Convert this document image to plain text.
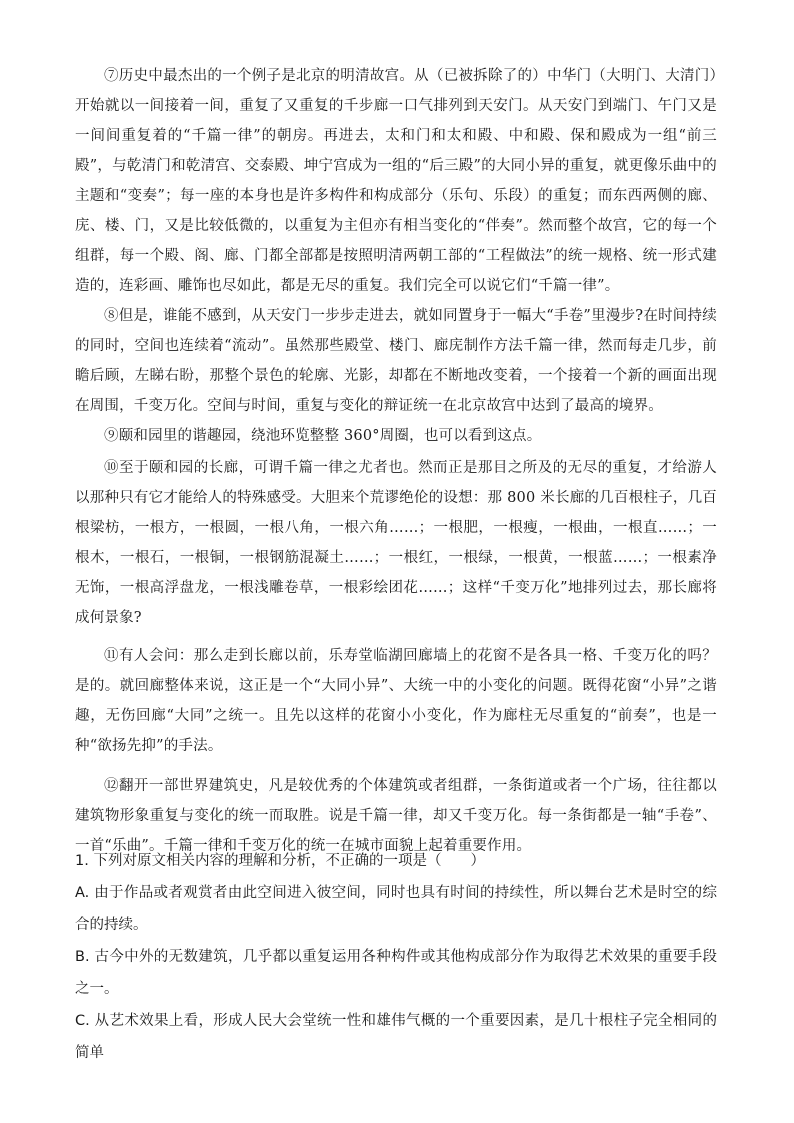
⑦历史中最杰出的一个例子是北京的明清故宫。从（已被拆除了的）中华门（大明门、大清门）开始就以一间接着一间，重复了又重复的千步廊一口气排列到天安门。从天安门到端门、午门又是一间间重复着的“千篇一律”的朝房。再进去，太和门和太和殿、中和殿、保和殿成为一组“前三殿”，与乾清门和乾清宫、交泰殿、坤宁宫成为一组的“后三殿”的大同小异的重复，就更像乐曲中的主题和“变奏”；每一座的本身也是许多构件和构成部分（乐句、乐段）的重复；而东西两侧的廊、庑、楼、门，又是比较低微的，以重复为主但亦有相当变化的“伴奏”。然而整个故宫，它的每一个组群，每一个殿、阁、廊、门都全部都是按照明清两朝工部的“工程做法”的统一规格、统一形式建造的，连彩画、雕饰也尽如此，都是无尽的重复。我们完全可以说它们“千篇一律”。

⑧但是，谁能不感到，从天安门一步步走进去，就如同置身于一幅大“手卷”里漫步?在时间持续的同时，空间也连续着“流动”。虽然那些殿堂、楼门、廊庑制作方法千篇一律，然而每走几步，前瞻后顾，左睇右盼，那整个景色的轮廓、光影，却都在不断地改变着，一个接着一个新的画面出现在周围，千变万化。空间与时间，重复与变化的辩证统一在北京故宫中达到了最高的境界。

⑨颐和园里的谐趣园，绕池环览整整 360°周圈，也可以看到这点。

⑩至于颐和园的长廊，可谓千篇一律之尤者也。然而正是那目之所及的无尽的重复，才给游人以那种只有它才能给人的特殊感受。大胆来个荒谬绝伦的设想：那 800 米长廊的几百根柱子，几百根梁枋，一根方，一根圆，一根八角，一根六角……；一根肥，一根瘦，一根曲，一根直……；一根木，一根石，一根铜，一根钢筋混凝土……；一根红，一根绿，一根黄，一根蓝……；一根素净无饰，一根高浮盘龙，一根浅雕卷草，一根彩绘团花……；这样“千变万化”地排列过去，那长廊将成何景象?

⑪有人会问：那么走到长廊以前，乐寿堂临湖回廊墙上的花窗不是各具一格、千变万化的吗？是的。就回廊整体来说，这正是一个“大同小异”、大统一中的小变化的问题。既得花窗“小异”之谐趣，无伤回廊“大同”之统一。且先以这样的花窗小小变化，作为廊柱无尽重复的“前奏”，也是一种“欲扬先抑”的手法。

⑫翻开一部世界建筑史，凡是较优秀的个体建筑或者组群，一条街道或者一个广场，往往都以建筑物形象重复与变化的统一而取胜。说是千篇一律，却又千变万化。每一条街都是一轴“手卷”、一首“乐曲”。千篇一律和千变万化的统一在城市面貌上起着重要作用。

1. 下列对原文相关内容的理解和分析，不正确的一项是（　　）

A. 由于作品或者观赏者由此空间进入彼空间，同时也具有时间的持续性，所以舞台艺术是时空的综合的持续。

B. 古今中外的无数建筑，几乎都以重复运用各种构件或其他构成部分作为取得艺术效果的重要手段之一。

C. 从艺术效果上看，形成人民大会堂统一性和雄伟气概的一个重要因素，是几十根柱子完全相同的简单
